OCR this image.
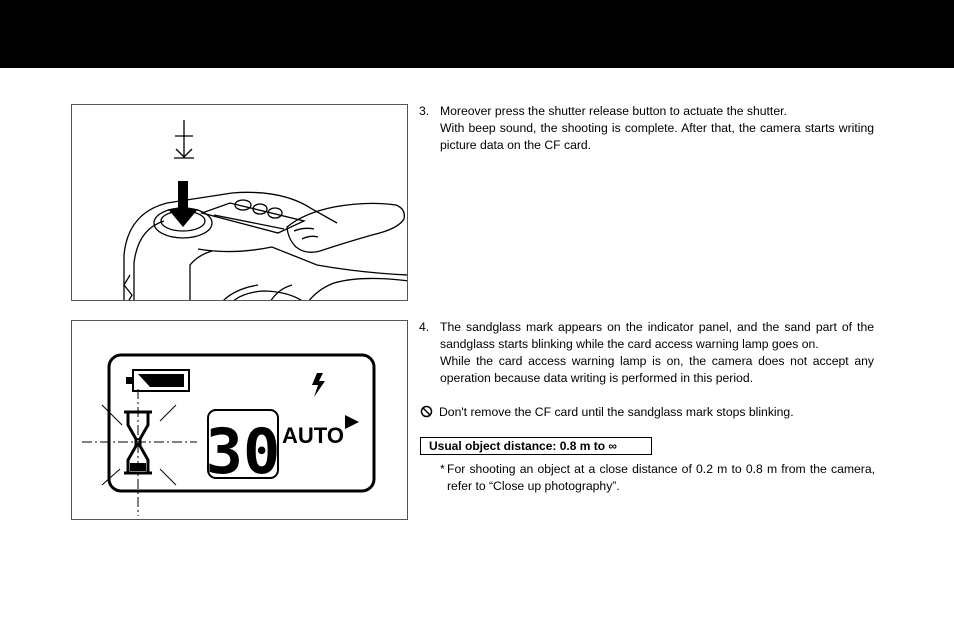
30 AUTO
3. Moreover press the shutter release button to actuate the shutter.

With beep sound, the shooting is complete. After that, the camera starts writing picture data on the CF card.

4. The sandglass mark appears on the indicator panel, and the sand part of the sandglass starts blinking while the card access warning lamp goes on.

While the card access warning lamp is on, the camera does not accept any operation because data writing is performed in this period.

Don't remove the CF card until the sandglass mark stops blinking.
Usual object distance: 0.8 m to ∞
* For shooting an object at a close distance of 0.2 m to 0.8 m from the camera, refer to “Close up photography”.
